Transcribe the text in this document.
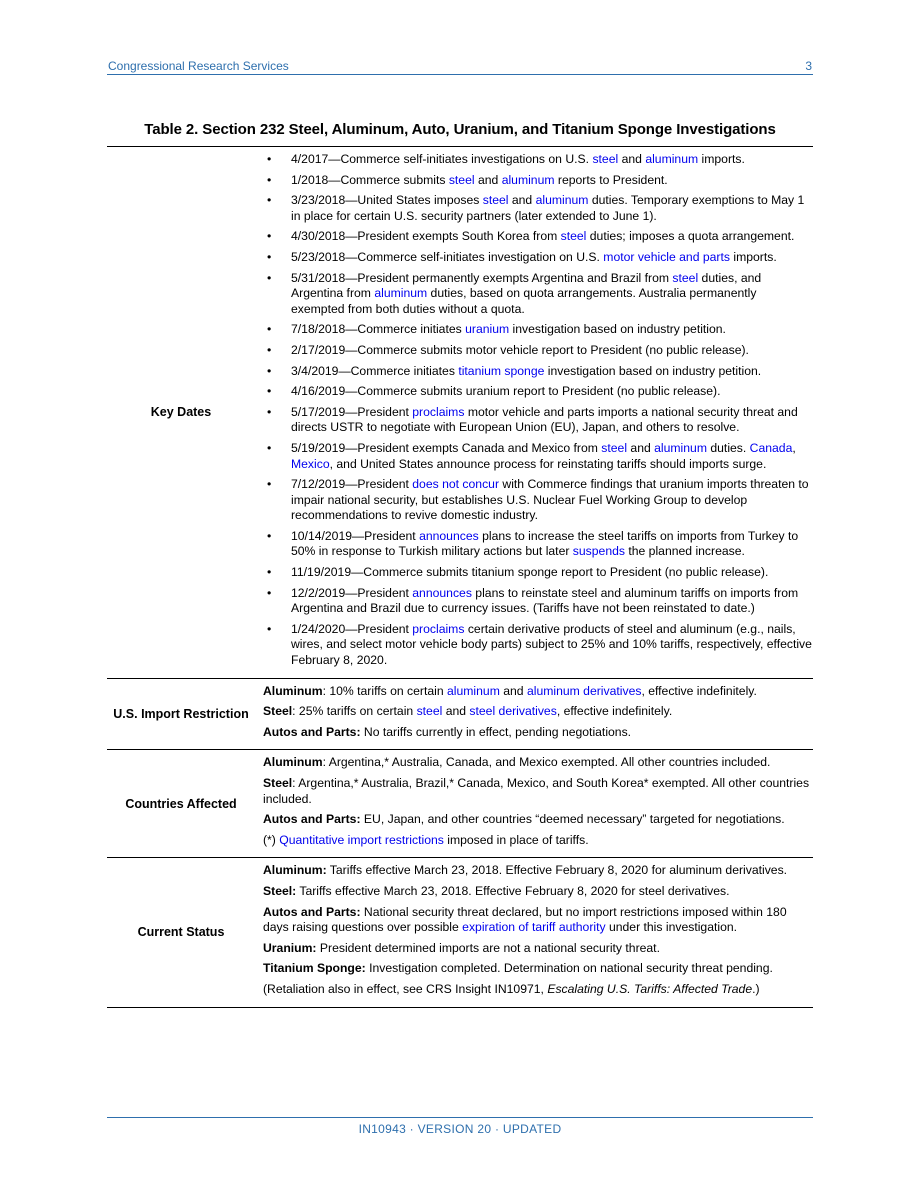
Congressional Research Services	3
Table 2. Section 232 Steel, Aluminum, Auto, Uranium, and Titanium Sponge Investigations
Key Dates
• 4/2017—Commerce self-initiates investigations on U.S. steel and aluminum imports.
• 1/2018—Commerce submits steel and aluminum reports to President.
• 3/23/2018—United States imposes steel and aluminum duties. Temporary exemptions to May 1 in place for certain U.S. security partners (later extended to June 1).
• 4/30/2018—President exempts South Korea from steel duties; imposes a quota arrangement.
• 5/23/2018—Commerce self-initiates investigation on U.S. motor vehicle and parts imports.
• 5/31/2018—President permanently exempts Argentina and Brazil from steel duties, and Argentina from aluminum duties, based on quota arrangements. Australia permanently exempted from both duties without a quota.
• 7/18/2018—Commerce initiates uranium investigation based on industry petition.
• 2/17/2019—Commerce submits motor vehicle report to President (no public release).
• 3/4/2019—Commerce initiates titanium sponge investigation based on industry petition.
• 4/16/2019—Commerce submits uranium report to President (no public release).
• 5/17/2019—President proclaims motor vehicle and parts imports a national security threat and directs USTR to negotiate with European Union (EU), Japan, and others to resolve.
• 5/19/2019—President exempts Canada and Mexico from steel and aluminum duties. Canada, Mexico, and United States announce process for reinstating tariffs should imports surge.
• 7/12/2019—President does not concur with Commerce findings that uranium imports threaten to impair national security, but establishes U.S. Nuclear Fuel Working Group to develop recommendations to revive domestic industry.
• 10/14/2019—President announces plans to increase the steel tariffs on imports from Turkey to 50% in response to Turkish military actions but later suspends the planned increase.
• 11/19/2019—Commerce submits titanium sponge report to President (no public release).
• 12/2/2019—President announces plans to reinstate steel and aluminum tariffs on imports from Argentina and Brazil due to currency issues. (Tariffs have not been reinstated to date.)
• 1/24/2020—President proclaims certain derivative products of steel and aluminum (e.g., nails, wires, and select motor vehicle body parts) subject to 25% and 10% tariffs, respectively, effective February 8, 2020.
U.S. Import Restriction
Aluminum: 10% tariffs on certain aluminum and aluminum derivatives, effective indefinitely.
Steel: 25% tariffs on certain steel and steel derivatives, effective indefinitely.
Autos and Parts: No tariffs currently in effect, pending negotiations.
Countries Affected
Aluminum: Argentina,* Australia, Canada, and Mexico exempted. All other countries included.
Steel: Argentina,* Australia, Brazil,* Canada, Mexico, and South Korea* exempted. All other countries included.
Autos and Parts: EU, Japan, and other countries “deemed necessary” targeted for negotiations.
(*) Quantitative import restrictions imposed in place of tariffs.
Current Status
Aluminum: Tariffs effective March 23, 2018. Effective February 8, 2020 for aluminum derivatives.
Steel: Tariffs effective March 23, 2018. Effective February 8, 2020 for steel derivatives.
Autos and Parts: National security threat declared, but no import restrictions imposed within 180 days raising questions over possible expiration of tariff authority under this investigation.
Uranium: President determined imports are not a national security threat.
Titanium Sponge: Investigation completed. Determination on national security threat pending.
(Retaliation also in effect, see CRS Insight IN10971, Escalating U.S. Tariffs: Affected Trade.)
IN10943 · VERSION 20 · UPDATED
